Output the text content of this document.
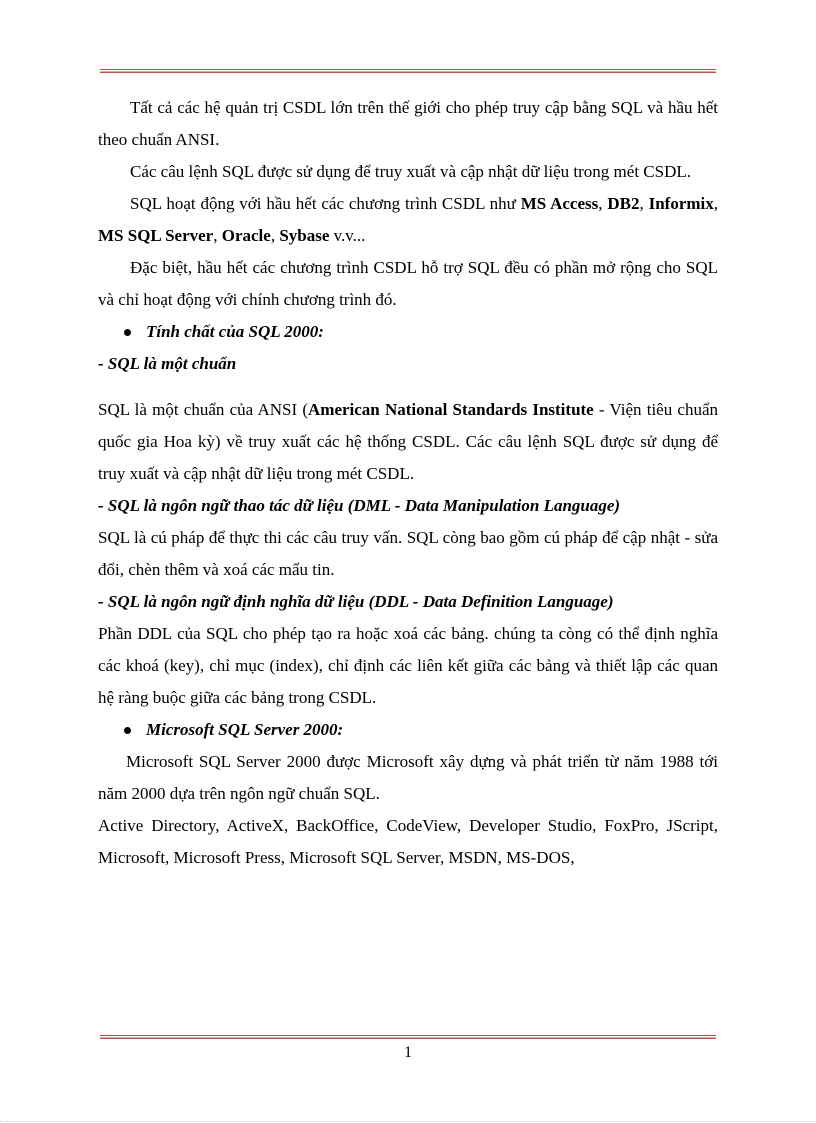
Tất cả các hệ quản trị CSDL lớn trên thế giới cho phép truy cập bằng SQL và hầu hết theo chuẩn ANSI.

Các câu lệnh SQL được sử dụng để truy xuất và cập nhật dữ liệu trong mét CSDL.

SQL hoạt động với hầu hết các chương trình CSDL như MS Access, DB2, Informix, MS SQL Server, Oracle, Sybase v.v...

Đặc biệt, hầu hết các chương trình CSDL hỗ trợ SQL đều có phần mở rộng cho SQL và chỉ hoạt động với chính chương trình đó.

Tính chất của SQL 2000:

- SQL là một chuẩn

SQL là một chuẩn của ANSI (American National Standards Institute - Viện tiêu chuẩn quốc gia Hoa kỳ) về truy xuất các hệ thống CSDL. Các câu lệnh SQL được sử dụng để truy xuất và cập nhật dữ liệu trong mét CSDL.

- SQL là ngôn ngữ thao tác dữ liệu (DML - Data Manipulation Language)

SQL là cú pháp để thực thi các câu truy vấn. SQL còng bao gồm cú pháp để cập nhật - sửa đổi, chèn thêm và xoá các mẩu tin.

- SQL là ngôn ngữ định nghĩa dữ liệu (DDL - Data Definition Language)

Phần DDL của SQL cho phép tạo ra hoặc xoá các bảng. chúng ta còng có thể định nghĩa các khoá (key), chỉ mục (index), chỉ định các liên kết giữa các bảng và thiết lập các quan hệ ràng buộc giữa các bảng trong CSDL.

Microsoft SQL Server 2000:

Microsoft SQL Server 2000 được Microsoft xây dựng và phát triển từ năm 1988 tới năm 2000 dựa trên ngôn ngữ chuẩn SQL.

Active Directory, ActiveX, BackOffice, CodeView, Developer Studio, FoxPro, JScript, Microsoft, Microsoft Press, Microsoft SQL Server, MSDN, MS-DOS,

1
